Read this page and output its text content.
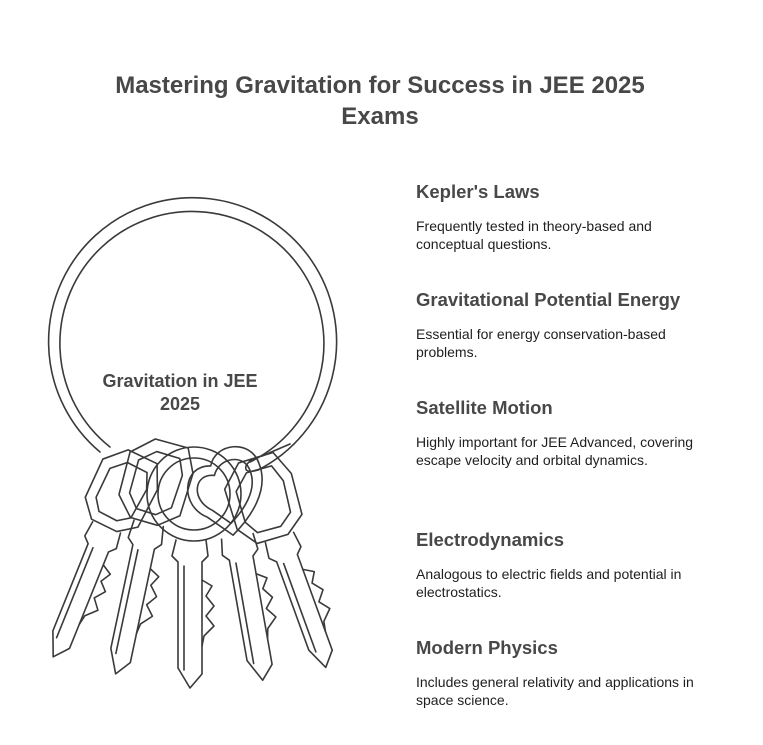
Mastering Gravitation for Success in JEE 2025 Exams
Gravitation in JEE 2025

Kepler's Laws

Frequently tested in theory-based and conceptual questions.

Gravitational Potential Energy

Essential for energy conservation-based problems.

Satellite Motion

Highly important for JEE Advanced, covering escape velocity and orbital dynamics.

Electrodynamics

Analogous to electric fields and potential in electrostatics.

Modern Physics

Includes general relativity and applications in space science.
